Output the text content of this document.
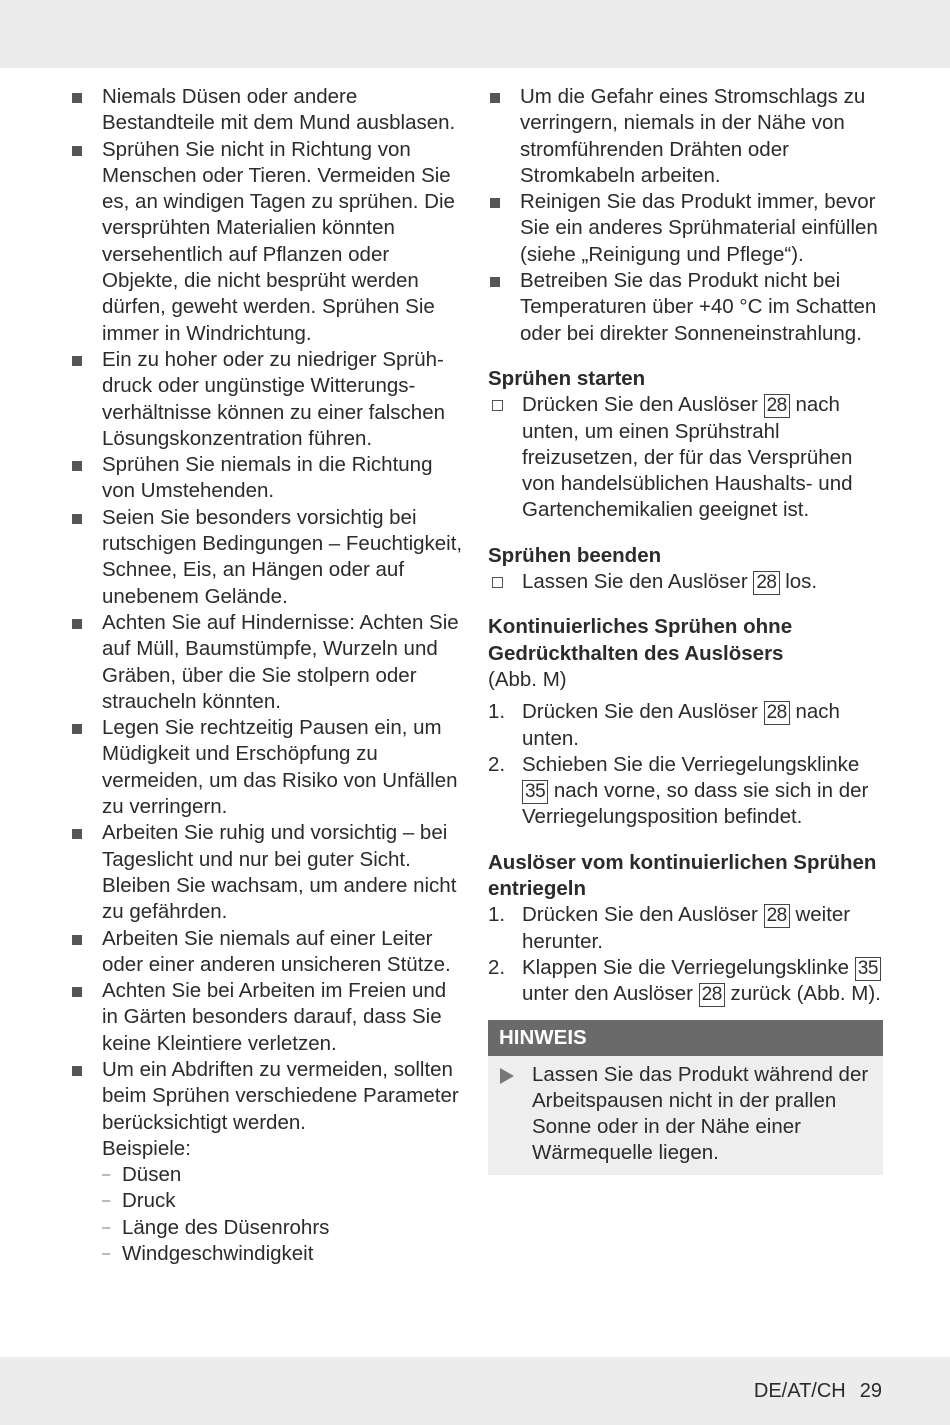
Niemals Düsen oder andere Bestandteile mit dem Mund ausblasen.
Sprühen Sie nicht in Richtung von Menschen oder Tieren. Vermeiden Sie es, an windigen Tagen zu sprühen. Die versprühten Materialien könnten versehentlich auf Pflanzen oder Objekte, die nicht besprüht werden dürfen, geweht werden. Sprühen Sie immer in Windrichtung.
Ein zu hoher oder zu niedriger Sprühdruck oder ungünstige Witterungsverhältnisse können zu einer falschen Lösungskonzentration führen.
Sprühen Sie niemals in die Richtung von Umstehenden.
Seien Sie besonders vorsichtig bei rutschigen Bedingungen – Feuchtigkeit, Schnee, Eis, an Hängen oder auf unebenem Gelände.
Achten Sie auf Hindernisse: Achten Sie auf Müll, Baumstümpfe, Wurzeln und Gräben, über die Sie stolpern oder straucheln könnten.
Legen Sie rechtzeitig Pausen ein, um Müdigkeit und Erschöpfung zu vermeiden, um das Risiko von Unfällen zu verringern.
Arbeiten Sie ruhig und vorsichtig – bei Tageslicht und nur bei guter Sicht. Bleiben Sie wachsam, um andere nicht zu gefährden.
Arbeiten Sie niemals auf einer Leiter oder einer anderen unsicheren Stütze.
Achten Sie bei Arbeiten im Freien und in Gärten besonders darauf, dass Sie keine Kleintiere verletzen.
Um ein Abdriften zu vermeiden, sollten beim Sprühen verschiedene Parameter berücksichtigt werden.
Beispiele:
– Düsen
– Druck
– Länge des Düsenrohrs
– Windgeschwindigkeit
Um die Gefahr eines Stromschlags zu verringern, niemals in der Nähe von stromführenden Drähten oder Stromkabeln arbeiten.
Reinigen Sie das Produkt immer, bevor Sie ein anderes Sprühmaterial einfüllen (siehe „Reinigung und Pflege“).
Betreiben Sie das Produkt nicht bei Temperaturen über +40 °C im Schatten oder bei direkter Sonneneinstrahlung.
Sprühen starten
Drücken Sie den Auslöser 28 nach unten, um einen Sprühstrahl freizusetzen, der für das Versprühen von handelsüblichen Haushalts- und Gartenchemikalien geeignet ist.
Sprühen beenden
Lassen Sie den Auslöser 28 los.
Kontinuierliches Sprühen ohne Gedrückthalten des Auslösers
(Abb. M)
1. Drücken Sie den Auslöser 28 nach unten.
2. Schieben Sie die Verriegelungsklinke 35 nach vorne, so dass sie sich in der Verriegelungsposition befindet.
Auslöser vom kontinuierlichen Sprühen entriegeln
1. Drücken Sie den Auslöser 28 weiter herunter.
2. Klappen Sie die Verriegelungsklinke 35 unter den Auslöser 28 zurück (Abb. M).
HINWEIS
Lassen Sie das Produkt während der Arbeitspausen nicht in der prallen Sonne oder in der Nähe einer Wärmequelle liegen.
DE/AT/CH 29
